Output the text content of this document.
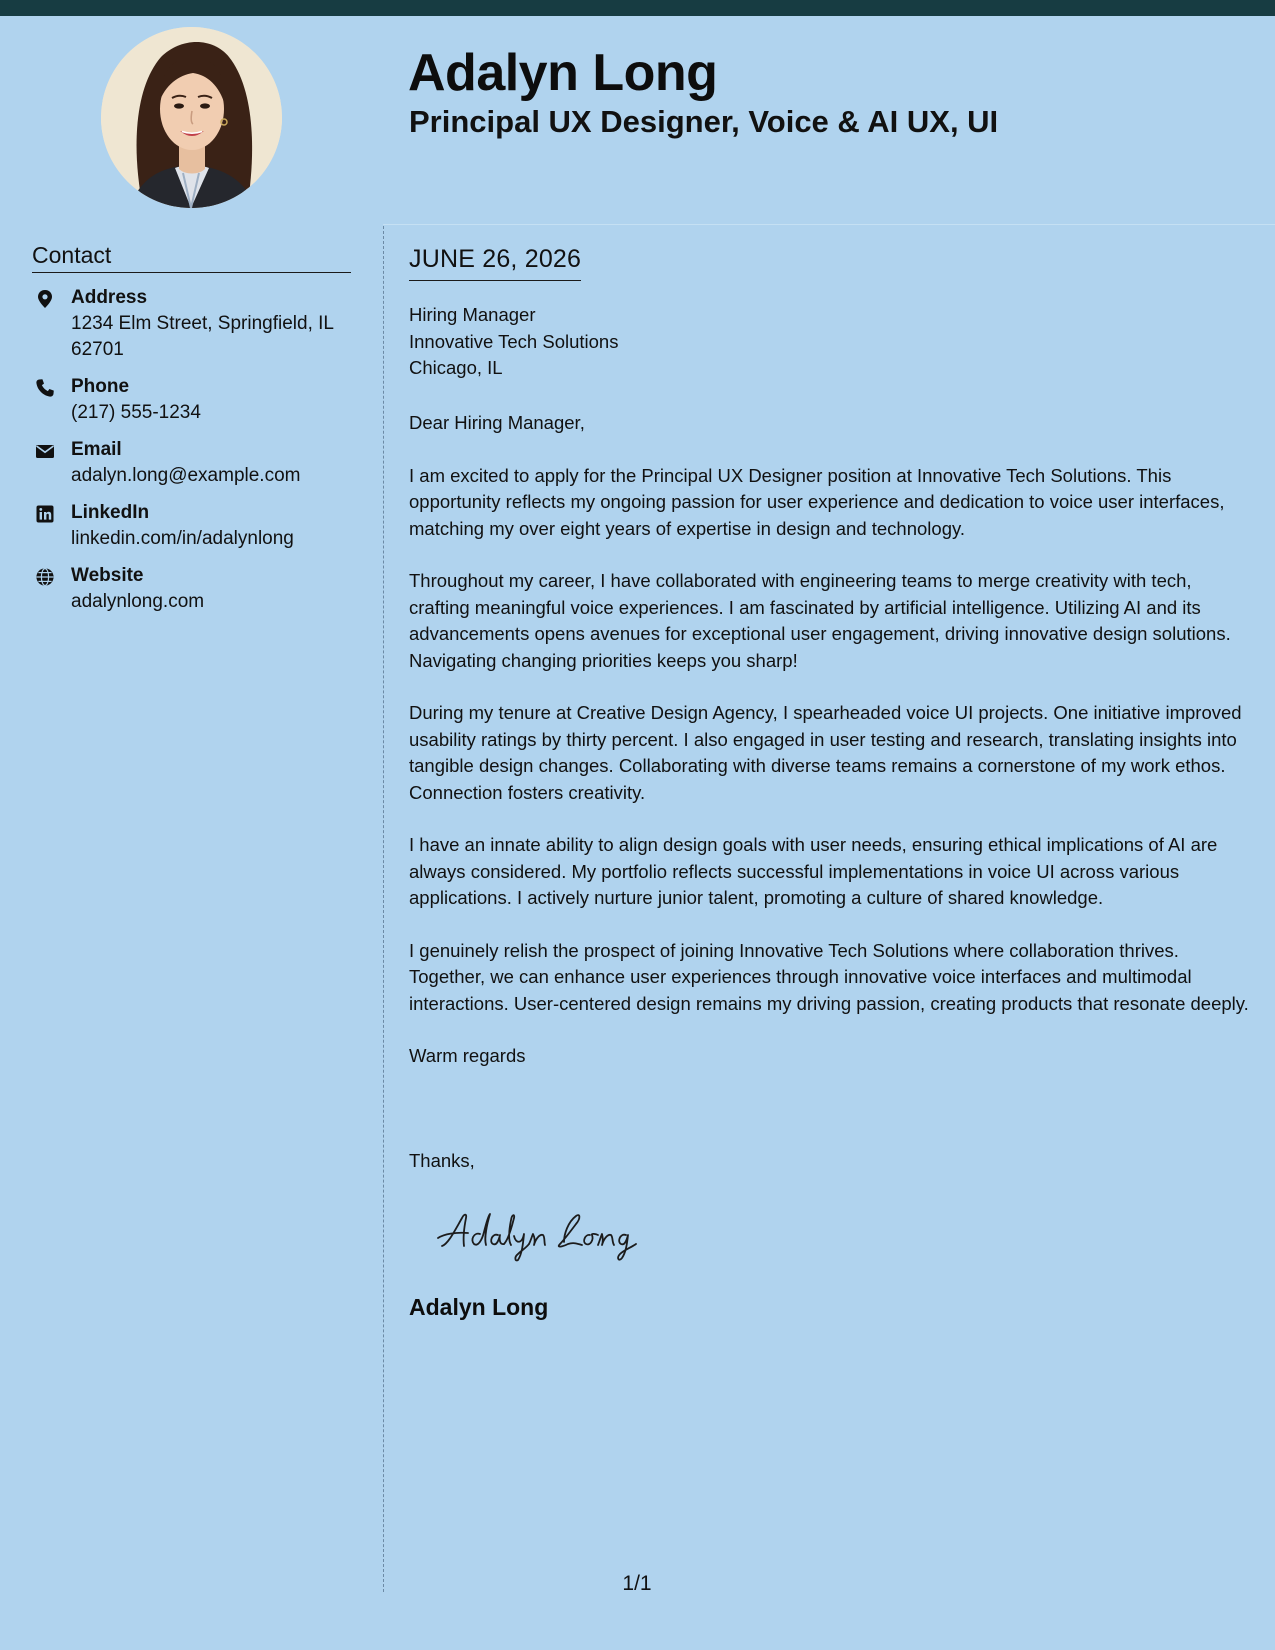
Adalyn Long
Principal UX Designer, Voice & AI UX, UI
Contact
Address
1234 Elm Street, Springfield, IL 62701
Phone
(217) 555-1234
Email
adalyn.long@example.com
LinkedIn
linkedin.com/in/adalynlong
Website
adalynlong.com
JUNE 26, 2026
Hiring Manager
Innovative Tech Solutions
Chicago, IL

Dear Hiring Manager,

I am excited to apply for the Principal UX Designer position at Innovative Tech Solutions. This opportunity reflects my ongoing passion for user experience and dedication to voice user interfaces, matching my over eight years of expertise in design and technology.

Throughout my career, I have collaborated with engineering teams to merge creativity with tech, crafting meaningful voice experiences. I am fascinated by artificial intelligence. Utilizing AI and its advancements opens avenues for exceptional user engagement, driving innovative design solutions. Navigating changing priorities keeps you sharp!

During my tenure at Creative Design Agency, I spearheaded voice UI projects. One initiative improved usability ratings by thirty percent. I also engaged in user testing and research, translating insights into tangible design changes. Collaborating with diverse teams remains a cornerstone of my work ethos. Connection fosters creativity.

I have an innate ability to align design goals with user needs, ensuring ethical implications of AI are always considered. My portfolio reflects successful implementations in voice UI across various applications. I actively nurture junior talent, promoting a culture of shared knowledge.

I genuinely relish the prospect of joining Innovative Tech Solutions where collaboration thrives. Together, we can enhance user experiences through innovative voice interfaces and multimodal interactions. User-centered design remains my driving passion, creating products that resonate deeply.

Warm regards

Thanks,
Adalyn Long
1/1
